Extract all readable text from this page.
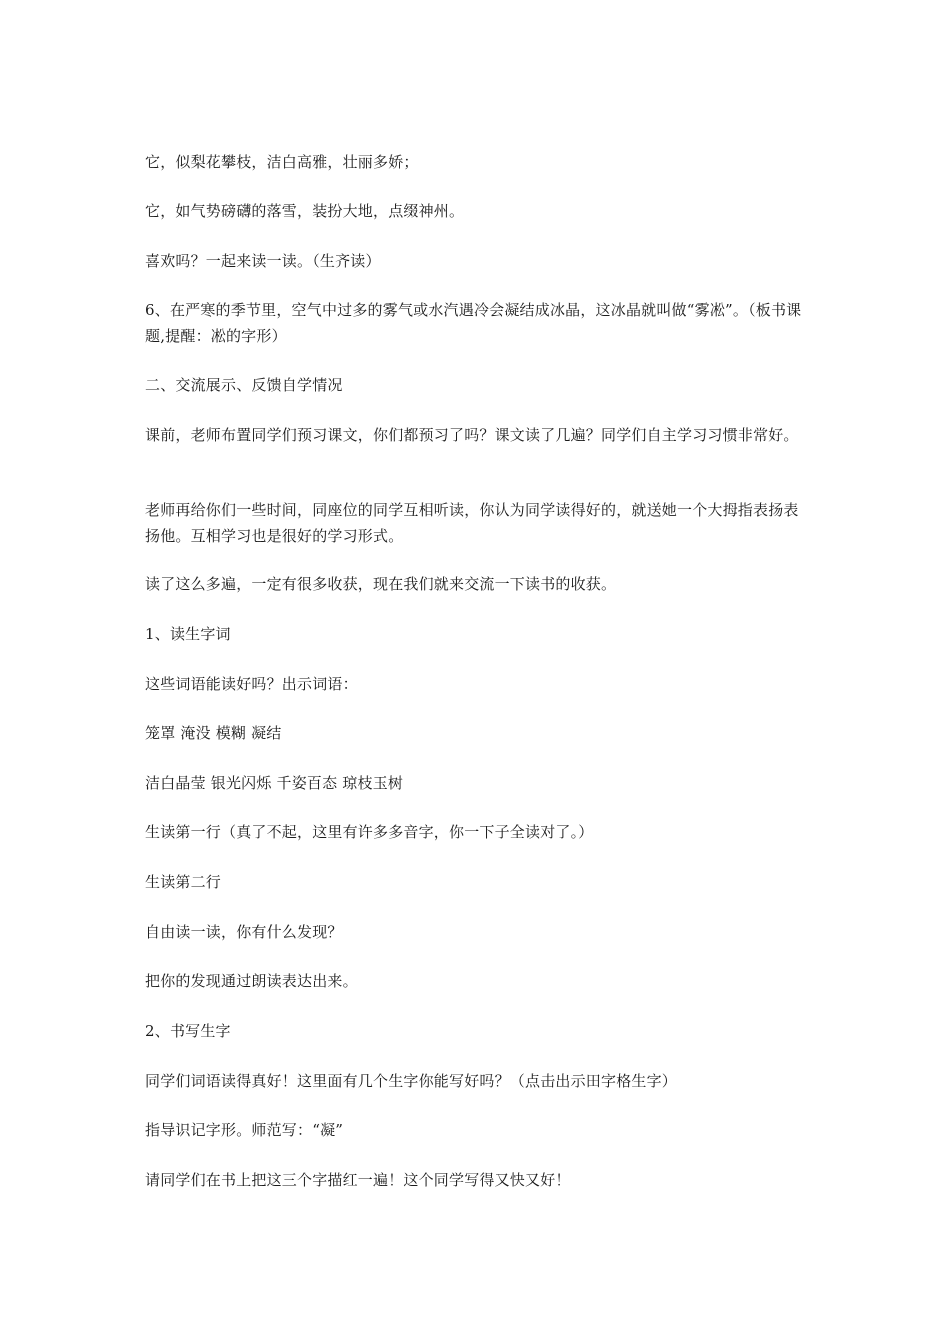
它，似梨花攀枝，洁白高雅，壮丽多娇；

它，如气势磅礴的落雪，装扮大地，点缀神州。

喜欢吗？一起来读一读。（生齐读）

6、在严寒的季节里，空气中过多的雾气或水汽遇冷会凝结成冰晶，这冰晶就叫做“雾凇”。（板书课题,提醒：凇的字形）

二、交流展示、反馈自学情况

课前，老师布置同学们预习课文，你们都预习了吗？课文读了几遍？同学们自主学习习惯非常好。

老师再给你们一些时间，同座位的同学互相听读，你认为同学读得好的，就送她一个大拇指表扬表扬他。互相学习也是很好的学习形式。

读了这么多遍，一定有很多收获，现在我们就来交流一下读书的收获。

1、读生字词

这些词语能读好吗？出示词语：

笼罩 淹没 模糊 凝结

洁白晶莹 银光闪烁 千姿百态 琼枝玉树

生读第一行（真了不起，这里有许多多音字，你一下子全读对了。）

生读第二行

自由读一读，你有什么发现？

把你的发现通过朗读表达出来。

2、书写生字

同学们词语读得真好！这里面有几个生字你能写好吗？（点击出示田字格生字）

指导识记字形。师范写：“凝”

请同学们在书上把这三个字描红一遍！这个同学写得又快又好！
